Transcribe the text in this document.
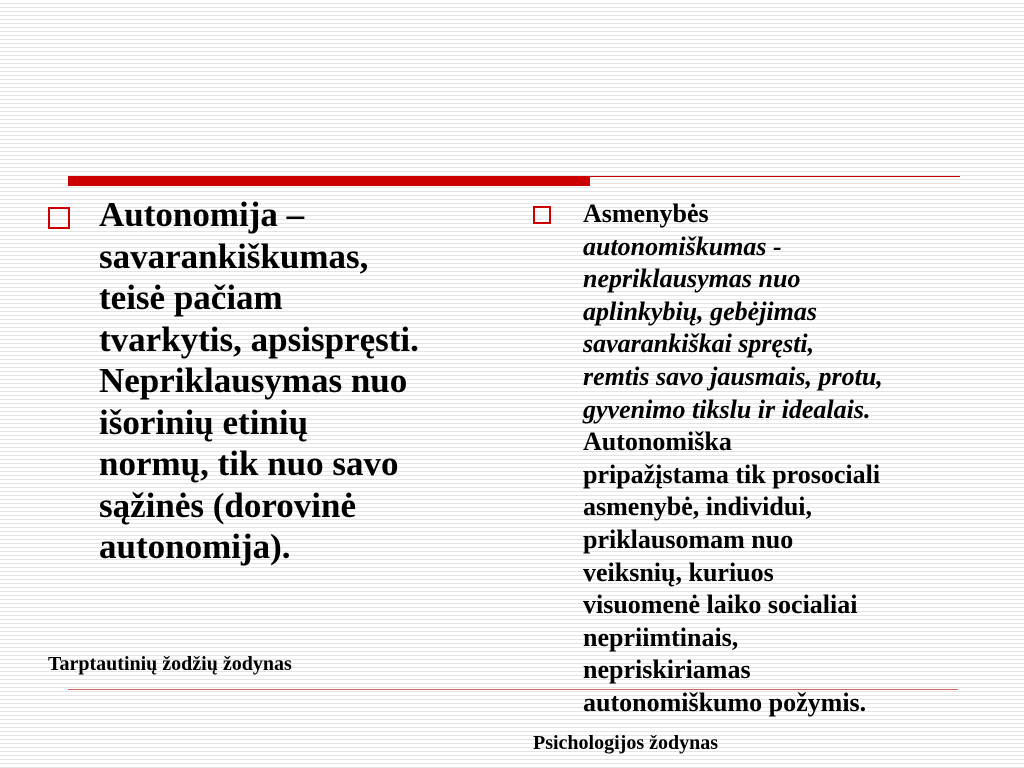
Autonomija –
savarankiškumas,
teisė pačiam
tvarkytis, apsispręsti.
Nepriklausymas nuo
išorinių etinių
normų, tik nuo savo
sąžinės (dorovinė
autonomija).
Tarptautinių žodžių žodynas
Asmenybės
autonomiškumas -
nepriklausymas nuo
aplinkybių, gebėjimas
savarankiškai spręsti,
remtis savo jausmais, protu,
gyvenimo tikslu ir idealais.
Autonomiška
pripažįstama tik prosociali
asmenybė, individui,
priklausomam nuo
veiksnių, kuriuos
visuomenė laiko socialiai
nepriimtinais,
nepriskiriamas
autonomiškumo požymis.
Psichologijos žodynas
